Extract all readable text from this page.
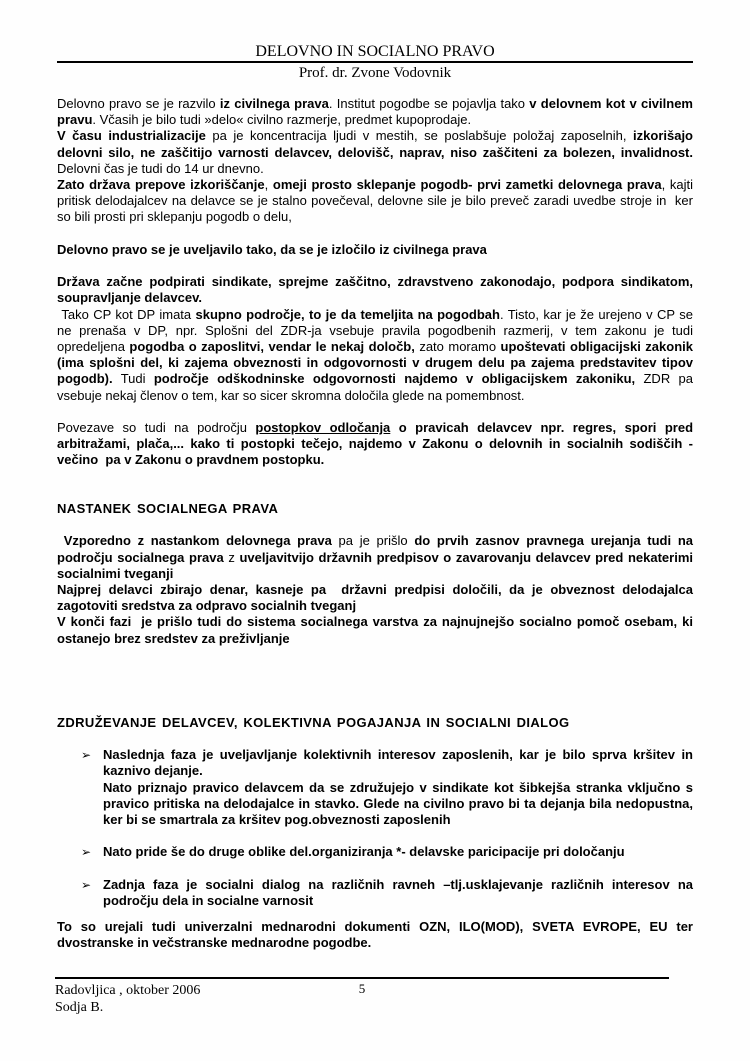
DELOVNO IN SOCIALNO PRAVO
Prof. dr. Zvone Vodovnik

Delovno pravo se je razvilo iz civilnega prava. Institut pogodbe se pojavlja tako v delovnem kot v civilnem pravu. Včasih je bilo tudi »delo« civilno razmerje, predmet kupoprodaje.

V času industrializacije pa je koncentracija ljudi v mestih, se poslabšuje položaj zaposelnih, izkorišajo delovni silo, ne zaščitijo varnosti delavcev, delovišč, naprav, niso zaščiteni za bolezen, invalidnost.  Delovni čas je tudi do 14 ur dnevno.

Zato država prepove izkoriščanje, omeji prosto sklepanje pogodb- prvi zametki delovnega prava, kajti pritisk delodajalcev na delavce se je stalno povečeval, delovne sile je bilo preveč zaradi uvedbe stroje in  ker so bili prosti pri sklepanju pogodb o delu,

Delovno pravo se je uveljavilo tako, da se je izločilo iz civilnega prava

Država začne podpirati sindikate, sprejme zaščitno, zdravstveno zakonodajo, podpora sindikatom, soupravljanje delavcev.

Tako CP kot DP imata skupno področje, to je da temeljita na pogodbah. Tisto, kar je že urejeno v CP se ne prenaša v DP, npr. Splošni del ZDR-ja vsebuje pravila pogodbenih razmerij, v tem zakonu je tudi opredeljena pogodba o zaposlitvi, vendar le nekaj določb, zato moramo upoštevati obligacijski zakonik (ima splošni del, ki zajema obveznosti in odgovornosti v drugem delu pa zajema predstavitev tipov pogodb). Tudi področje odškodninske odgovornosti najdemo v obligacijskem zakoniku, ZDR pa vsebuje nekaj členov o tem, kar so sicer skromna določila glede na pomembnost.

Povezave so tudi na področju postopkov odločanja o pravicah delavcev npr. regres, spori pred arbitražami, plača,... kako ti postopki tečejo, najdemo v Zakonu o delovnih in socialnih sodiščih - večino  pa v Zakonu o pravdnem postopku.

NASTANEK SOCIALNEGA PRAVA

Vzporedno z nastankom delovnega prava pa je prišlo do prvih zasnov pravnega urejanja tudi na področju socialnega prava z uveljavitvijo državnih predpisov o zavarovanju delavcev pred nekaterimi socialnimi tveganji

Najprej delavci zbirajo denar, kasneje pa  državni predpisi določili, da je obveznost delodajalca zagotoviti sredstva za odpravo socialnih tveganj

V konči fazi  je prišlo tudi do sistema socialnega varstva za najnujnejšo socialno pomoč osebam, ki ostanejo brez sredstev za preživljanje

ZDRUŽEVANJE DELAVCEV, KOLEKTIVNA POGAJANJA IN SOCIALNI DIALOG
➢ Naslednja faza je uveljavljanje kolektivnih interesov zaposlenih, kar je bilo sprva kršitev in kaznivo dejanje.

Nato priznajo pravico delavcem da se združujejo v sindikate kot šibkejša stranka vključno s pravico pritiska na delodajalce in stavko. Glede na civilno pravo bi ta dejanja bila nedopustna, ker bi se smartrala za kršitev pog.obveznosti zaposlenih

➢ Nato pride še do druge oblike del.organiziranja *- delavske paricipacije pri določanju

➢ Zadnja faza je socialni dialog na različnih ravneh –tlj.usklajevanje različnih interesov na področju dela in socialne varnosit

To so urejali tudi univerzalni mednarodni dokumenti OZN, ILO(MOD), SVETA EVROPE, EU ter dvostranske in večstranske mednarodne pogodbe.

Radovljica , oktober 2006	5
Sodja B.
